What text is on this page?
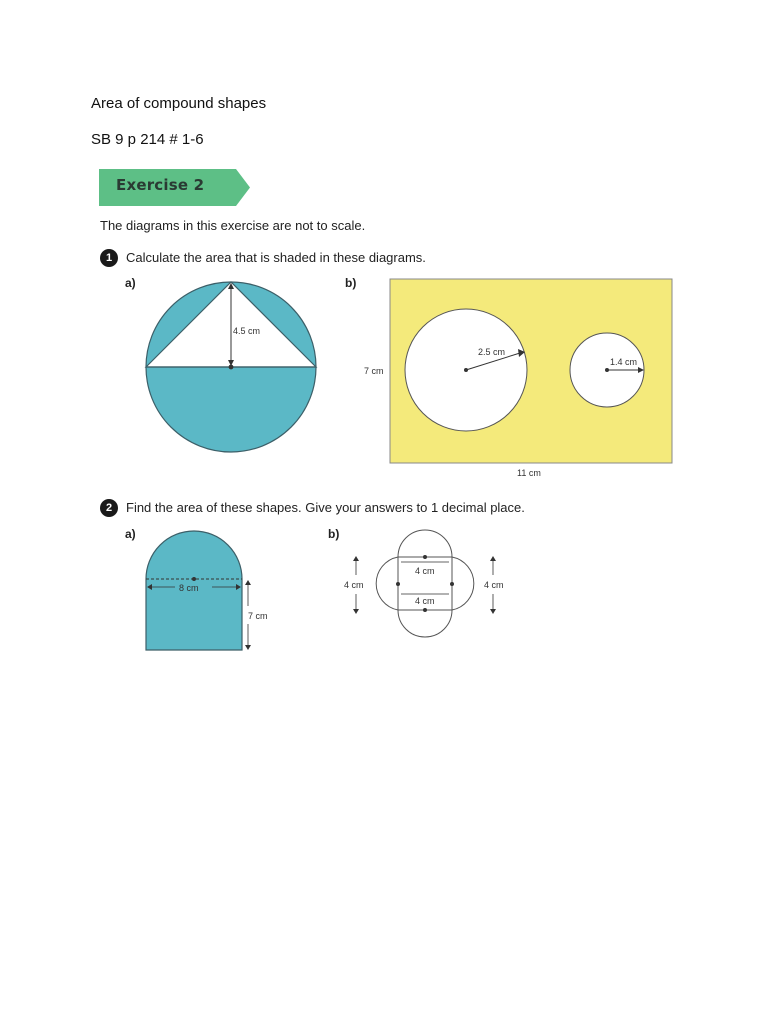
Area of compound shapes

SB 9 p 214 # 1-6

Exercise 2

The diagrams in this exercise are not to scale.

1	Calculate the area that is shaded in these diagrams.

a)	b)
4.5 cm
7 cm
11 cm
2.5 cm
1.4 cm
2	Find the area of these shapes. Give your answers to 1 decimal place.

a)	b)
8 cm
7 cm
4 cm
4 cm
4 cm	4 cm
